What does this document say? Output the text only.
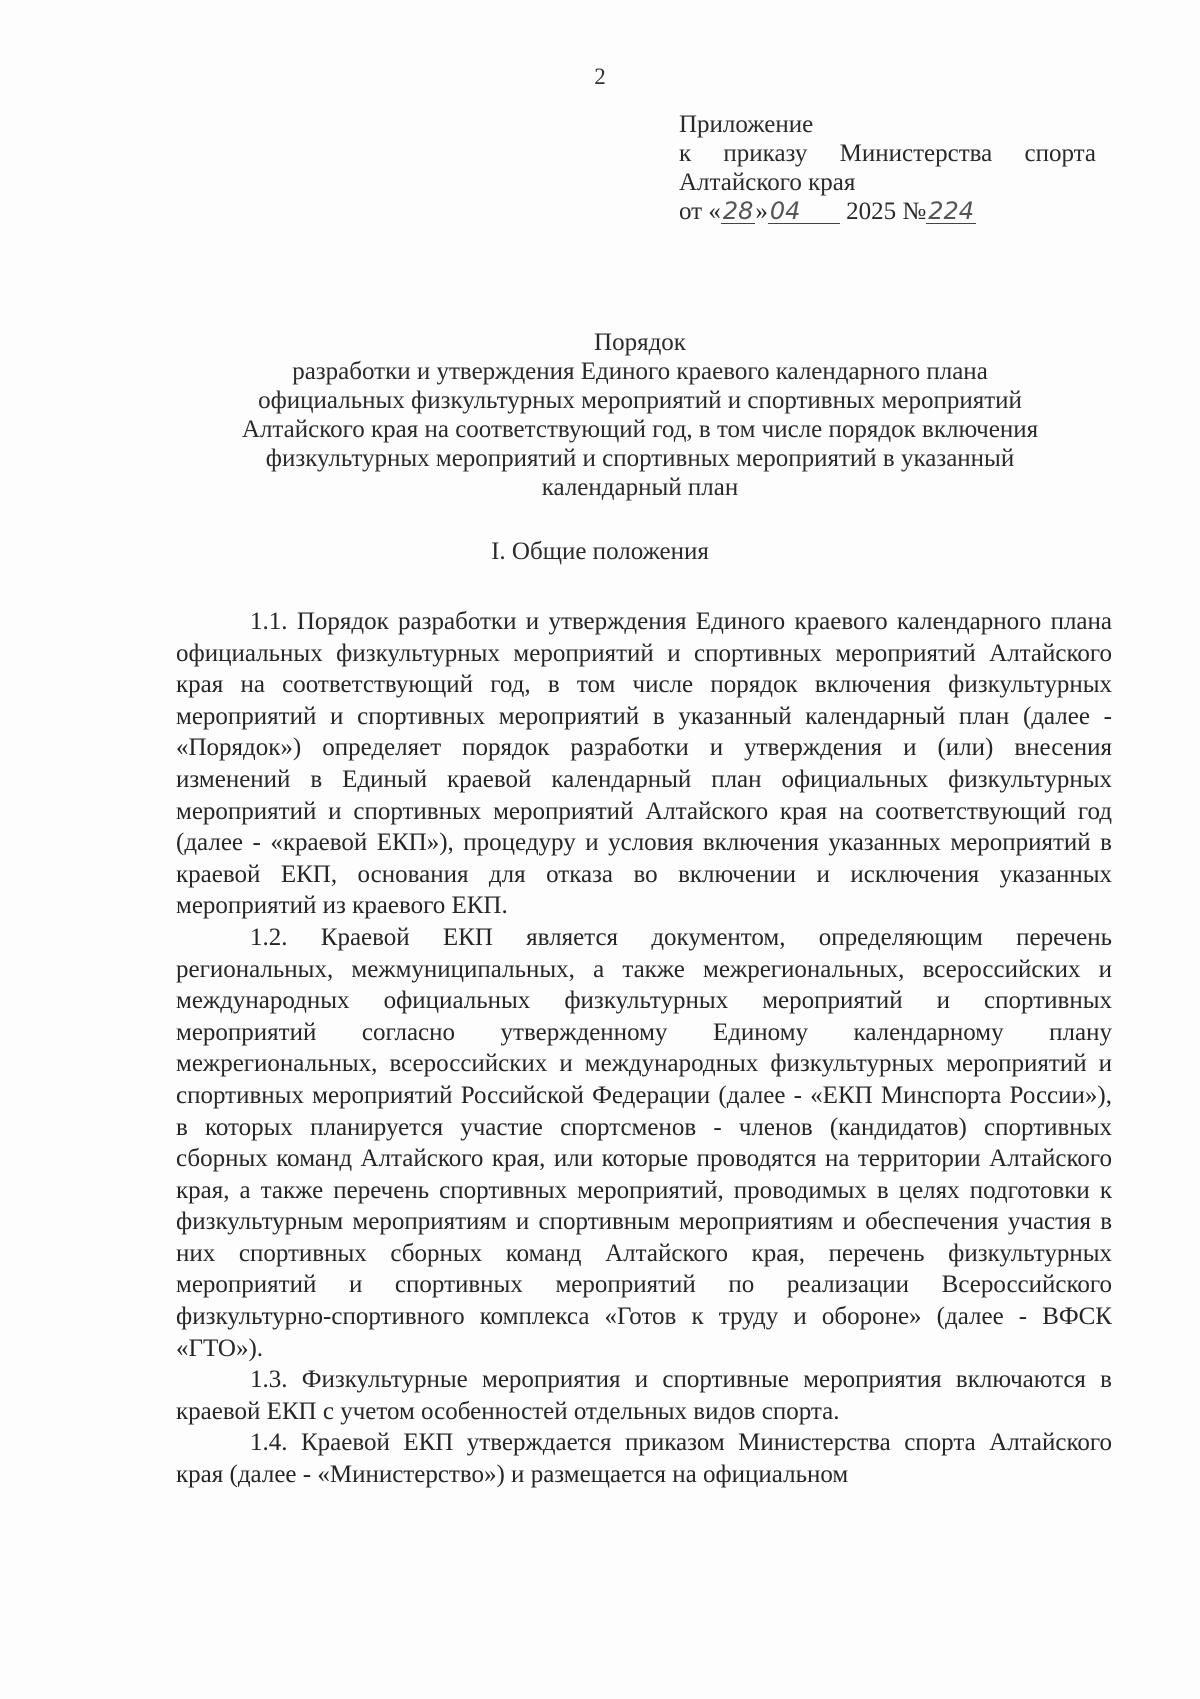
2
Приложение
к приказу Министерства спорта
Алтайского края
от «28»04 2025 №224
Порядок
разработки и утверждения Единого краевого календарного плана
официальных физкультурных мероприятий и спортивных мероприятий
Алтайского края на соответствующий год, в том числе порядок включения
физкультурных мероприятий и спортивных мероприятий в указанный
календарный план
I. Общие положения

1.1. Порядок разработки и утверждения Единого краевого календарного плана официальных физкультурных мероприятий и спортивных мероприятий Алтайского края на соответствующий год, в том числе порядок включения физкультурных мероприятий и спортивных мероприятий в указанный календарный план (далее - «Порядок») определяет порядок разработки и утверждения и (или) внесения изменений в Единый краевой календарный план официальных физкультурных мероприятий и спортивных мероприятий Алтайского края на соответствующий год (далее - «краевой ЕКП»), процедуру и условия включения указанных мероприятий в краевой ЕКП, основания для отказа во включении и исключения указанных мероприятий из краевого ЕКП.

1.2. Краевой ЕКП является документом, определяющим перечень региональных, межмуниципальных, а также межрегиональных, всероссийских и международных официальных физкультурных мероприятий и спортивных мероприятий согласно утвержденному Единому календарному плану межрегиональных, всероссийских и международных физкультурных мероприятий и спортивных мероприятий Российской Федерации (далее - «ЕКП Минспорта России»), в которых планируется участие спортсменов - членов (кандидатов) спортивных сборных команд Алтайского края, или которые проводятся на территории Алтайского края, а также перечень спортивных мероприятий, проводимых в целях подготовки к физкультурным мероприятиям и спортивным мероприятиям и обеспечения участия в них спортивных сборных команд Алтайского края, перечень физкультурных мероприятий и спортивных мероприятий по реализации Всероссийского физкультурно-спортивного комплекса «Готов к труду и обороне» (далее - ВФСК «ГТО»).

1.3. Физкультурные мероприятия и спортивные мероприятия включаются в краевой ЕКП с учетом особенностей отдельных видов спорта.

1.4. Краевой ЕКП утверждается приказом Министерства спорта Алтайского края (далее - «Министерство») и размещается на официальном
